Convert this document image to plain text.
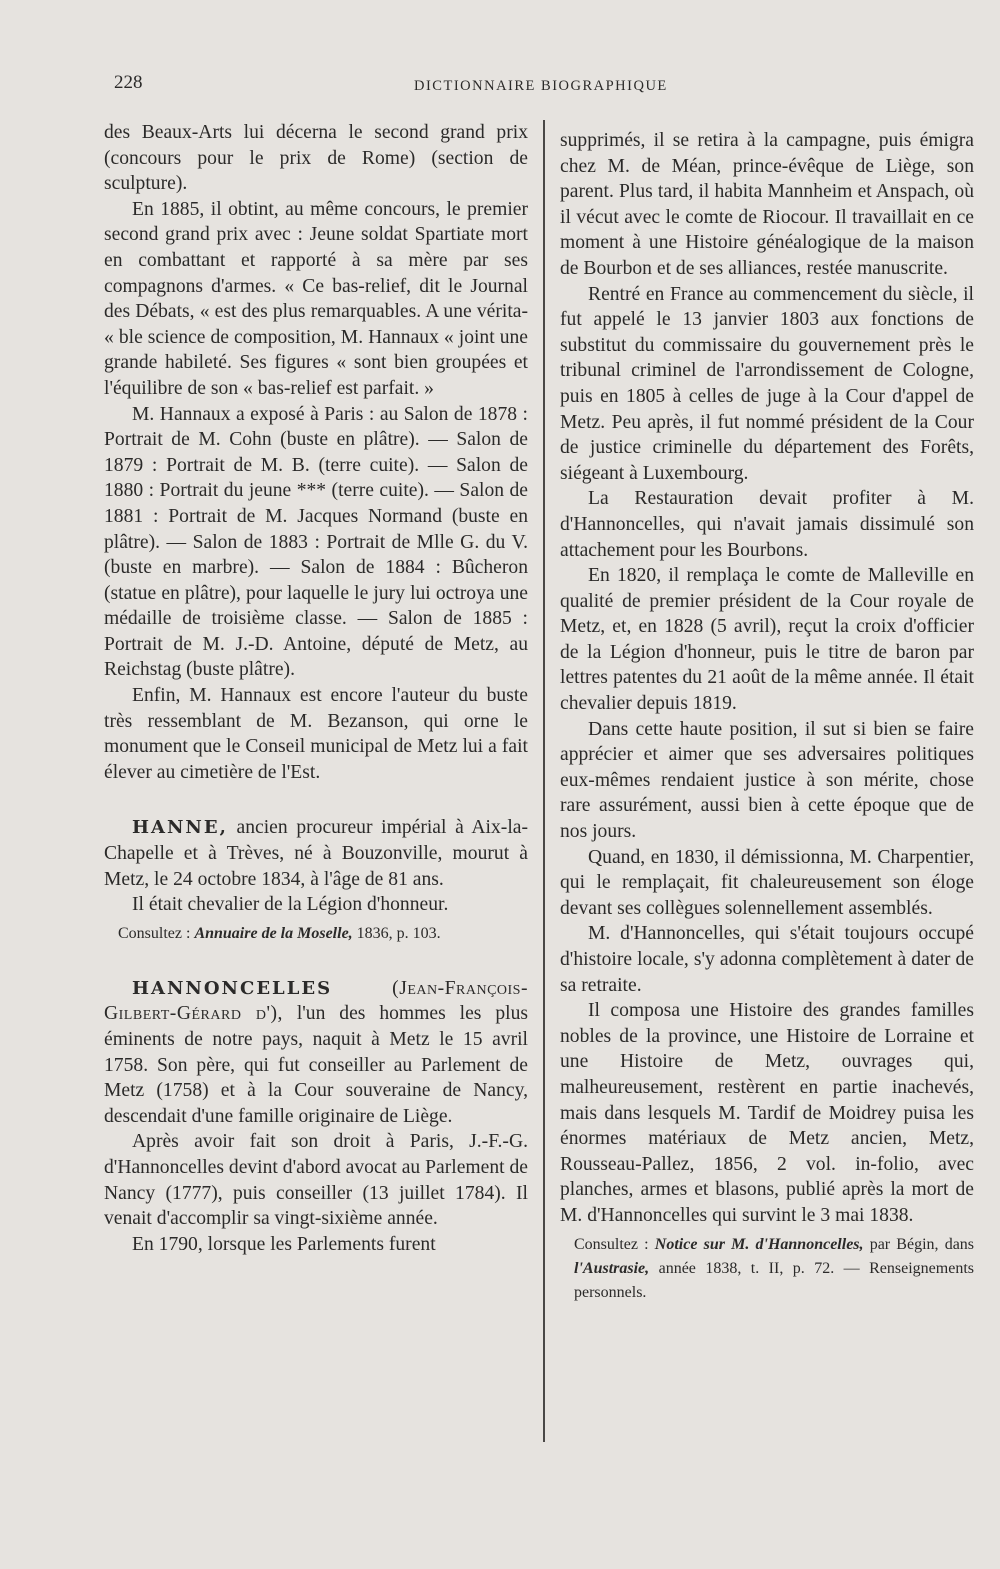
228	DICTIONNAIRE BIOGRAPHIQUE

des Beaux-Arts lui décerna le second grand prix (concours pour le prix de Rome) (section de sculpture).

En 1885, il obtint, au même concours, le premier second grand prix avec : Jeune soldat Spartiate mort en combattant et rapporté à sa mère par ses compagnons d'armes. « Ce bas-relief, dit le Journal des Débats, « est des plus remarquables. A une vérita- « ble science de composition, M. Hannaux « joint une grande habileté. Ses figures « sont bien groupées et l'équilibre de son « bas-relief est parfait. »

M. Hannaux a exposé à Paris : au Salon de 1878 : Portrait de M. Cohn (buste en plâtre). — Salon de 1879 : Portrait de M. B. (terre cuite). — Salon de 1880 : Portrait du jeune *** (terre cuite). — Salon de 1881 : Portrait de M. Jacques Normand (buste en plâtre). — Salon de 1883 : Portrait de Mlle G. du V. (buste en marbre). — Salon de 1884 : Bûcheron (statue en plâtre), pour laquelle le jury lui octroya une médaille de troisième classe. — Salon de 1885 : Portrait de M. J.-D. Antoine, député de Metz, au Reichstag (buste plâtre).

Enfin, M. Hannaux est encore l'auteur du buste très ressemblant de M. Bezanson, qui orne le monument que le Conseil municipal de Metz lui a fait élever au cimetière de l'Est.

HANNE, ancien procureur impérial à Aix-la-Chapelle et à Trèves, né à Bouzonville, mourut à Metz, le 24 octobre 1834, à l'âge de 81 ans.

Il était chevalier de la Légion d'honneur.

Consultez : Annuaire de la Moselle, 1836, p. 103.

HANNONCELLES	(Jean-François-Gilbert-Gérard d'), l'un des hommes les plus éminents de notre pays, naquit à Metz le 15 avril 1758. Son père, qui fut conseiller au Parlement de Metz (1758) et à la Cour souveraine de Nancy, descendait d'une famille originaire de Liège.

Après avoir fait son droit à Paris, J.-F.-G. d'Hannoncelles devint d'abord avocat au Parlement de Nancy (1777), puis conseiller (13 juillet 1784). Il venait d'accomplir sa vingt-sixième année.

En 1790, lorsque les Parlements furent

supprimés, il se retira à la campagne, puis émigra chez M. de Méan, prince-évêque de Liège, son parent. Plus tard, il habita Mannheim et Anspach, où il vécut avec le comte de Riocour. Il travaillait en ce moment à une Histoire généalogique de la maison de Bourbon et de ses alliances, restée manuscrite.

Rentré en France au commencement du siècle, il fut appelé le 13 janvier 1803 aux fonctions de substitut du commissaire du gouvernement près le tribunal criminel de l'arrondissement de Cologne, puis en 1805 à celles de juge à la Cour d'appel de Metz. Peu après, il fut nommé président de la Cour de justice criminelle du département des Forêts, siégeant à Luxembourg.

La Restauration devait profiter à M. d'Hannoncelles, qui n'avait jamais dissimulé son attachement pour les Bourbons.

En 1820, il remplaça le comte de Malleville en qualité de premier président de la Cour royale de Metz, et, en 1828 (5 avril), reçut la croix d'officier de la Légion d'honneur, puis le titre de baron par lettres patentes du 21 août de la même année. Il était chevalier depuis 1819.

Dans cette haute position, il sut si bien se faire apprécier et aimer que ses adversaires politiques eux-mêmes rendaient justice à son mérite, chose rare assurément, aussi bien à cette époque que de nos jours.

Quand, en 1830, il démissionna, M. Charpentier, qui le remplaçait, fit chaleureusement son éloge devant ses collègues solennellement assemblés.

M. d'Hannoncelles, qui s'était toujours occupé d'histoire locale, s'y adonna complètement à dater de sa retraite.

Il composa une Histoire des grandes familles nobles de la province, une Histoire de Lorraine et une Histoire de Metz, ouvrages qui, malheureusement, restèrent en partie inachevés, mais dans lesquels M. Tardif de Moidrey puisa les énormes matériaux de Metz ancien, Metz, Rousseau-Pallez, 1856, 2 vol. in-folio, avec planches, armes et blasons, publié après la mort de M. d'Hannoncelles qui survint le 3 mai 1838.

Consultez : Notice sur M. d'Hannoncelles, par Bégin, dans l'Austrasie, année 1838, t. II, p. 72. — Renseignements personnels.
